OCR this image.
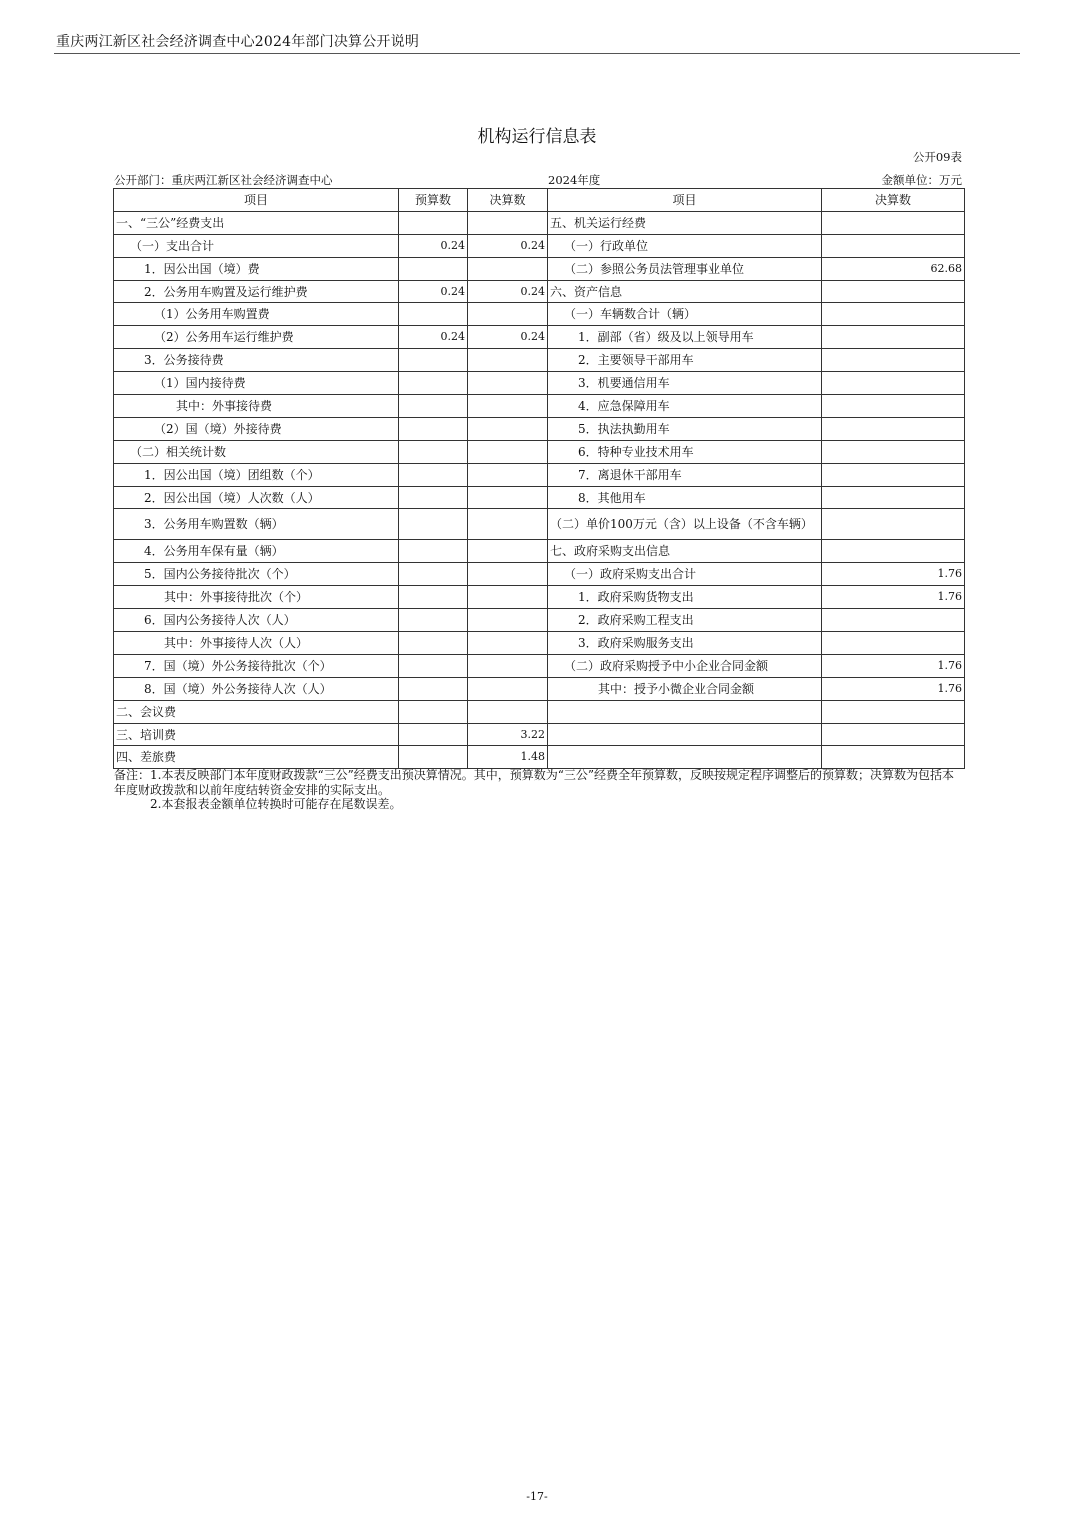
重庆两江新区社会经济调查中心2024年部门决算公开说明
机构运行信息表
公开09表
公开部门：重庆两江新区社会经济调查中心	2024年度	金额单位：万元
项目	预算数	决算数	项目	决算数
一、“三公”经费支出			五、机关运行经费	
（一）支出合计	0.24	0.24	（一）行政单位	
1．因公出国（境）费			（二）参照公务员法管理事业单位	62.68
2．公务用车购置及运行维护费	0.24	0.24	六、资产信息	
（1）公务用车购置费			（一）车辆数合计（辆）	
（2）公务用车运行维护费	0.24	0.24	1．副部（省）级及以上领导用车	
3．公务接待费			2．主要领导干部用车	
（1）国内接待费			3．机要通信用车	
其中：外事接待费			4．应急保障用车	
（2）国（境）外接待费			5．执法执勤用车	
（二）相关统计数			6．特种专业技术用车	
1．因公出国（境）团组数（个）			7．离退休干部用车	
2．因公出国（境）人次数（人）			8．其他用车	
3．公务用车购置数（辆）			（二）单价100万元（含）以上设备（不含车辆）	
4．公务用车保有量（辆）			七、政府采购支出信息	
5．国内公务接待批次（个）			（一）政府采购支出合计	1.76
其中：外事接待批次（个）			1．政府采购货物支出	1.76
6．国内公务接待人次（人）			2．政府采购工程支出	
其中：外事接待人次（人）			3．政府采购服务支出	
7．国（境）外公务接待批次（个）			（二）政府采购授予中小企业合同金额	1.76
8．国（境）外公务接待人次（人）			其中：授予小微企业合同金额	1.76
二、会议费				
三、培训费		3.22		
四、差旅费		1.48		

备注：1.本表反映部门本年度财政拨款“三公”经费支出预决算情况。其中，预算数为“三公”经费全年预算数，反映按规定程序调整后的预算数；决算数为包括本年度财政拨款和以前年度结转资金安排的实际支出。

2.本套报表金额单位转换时可能存在尾数误差。

-17-
